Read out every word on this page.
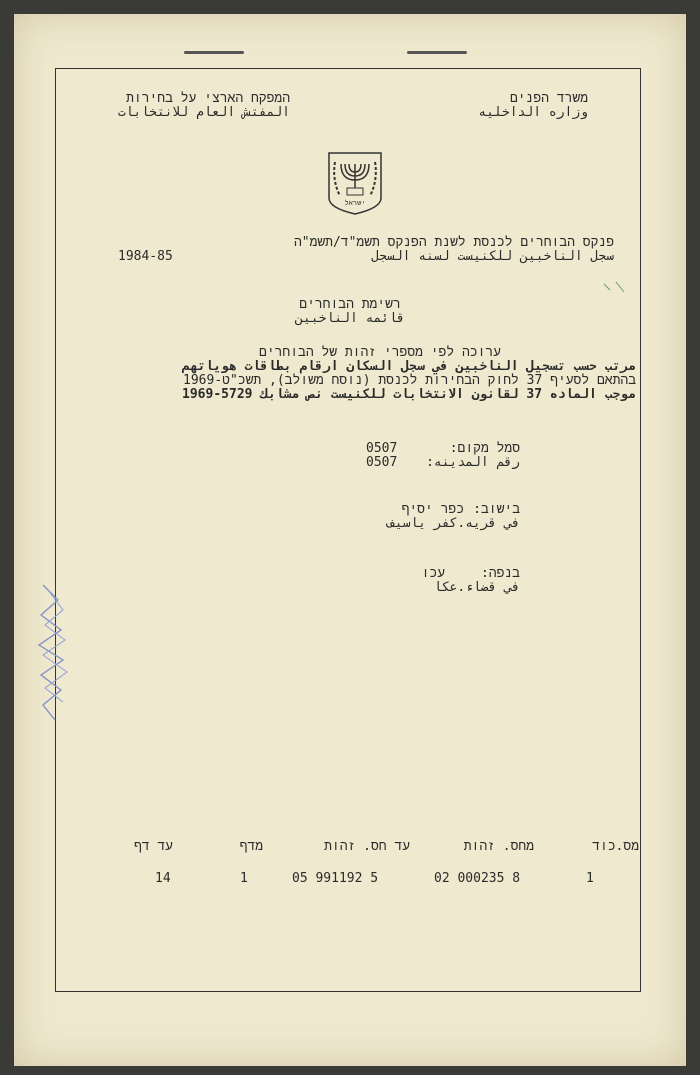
משרד הפנים
وزاره الداخليه
המפקח הארצי על בחירות
المفتش العام للانتخابات
ישראל
פנקס הבוחרים לכנסת לשנת הפנקס תשמ"ד/תשמ"ה
سجل الناخبين للكنيست لسنه السجل
1984-85
רשימת הבוחרים
قائمه الناخبين
ערוכה לפי מספרי זהות של הבוחרים
مرتب حسب تسجيل الناخبين في سجل السكان ارقام بطاقات هوياتهم
בהתאם לסעיף 37 לחוק הבחירות לכנסת (נוסח משולב), תשכ"ט-1969
موجب الماده 37 لقانون الانتخابات للكنيست نص مشابك 5729-1969
סמל מקום:
0507
رقم المدينه:
0507
בישוב:
כפר יסיף
في قريه.كفر ياسيف
בנפה:
עכו
في قضاء.عكا
מס.כוד
מחס. זהות
עד חס. זהות
מדף
עד דף
1
02 000235 8
05 991192 5
1
14
